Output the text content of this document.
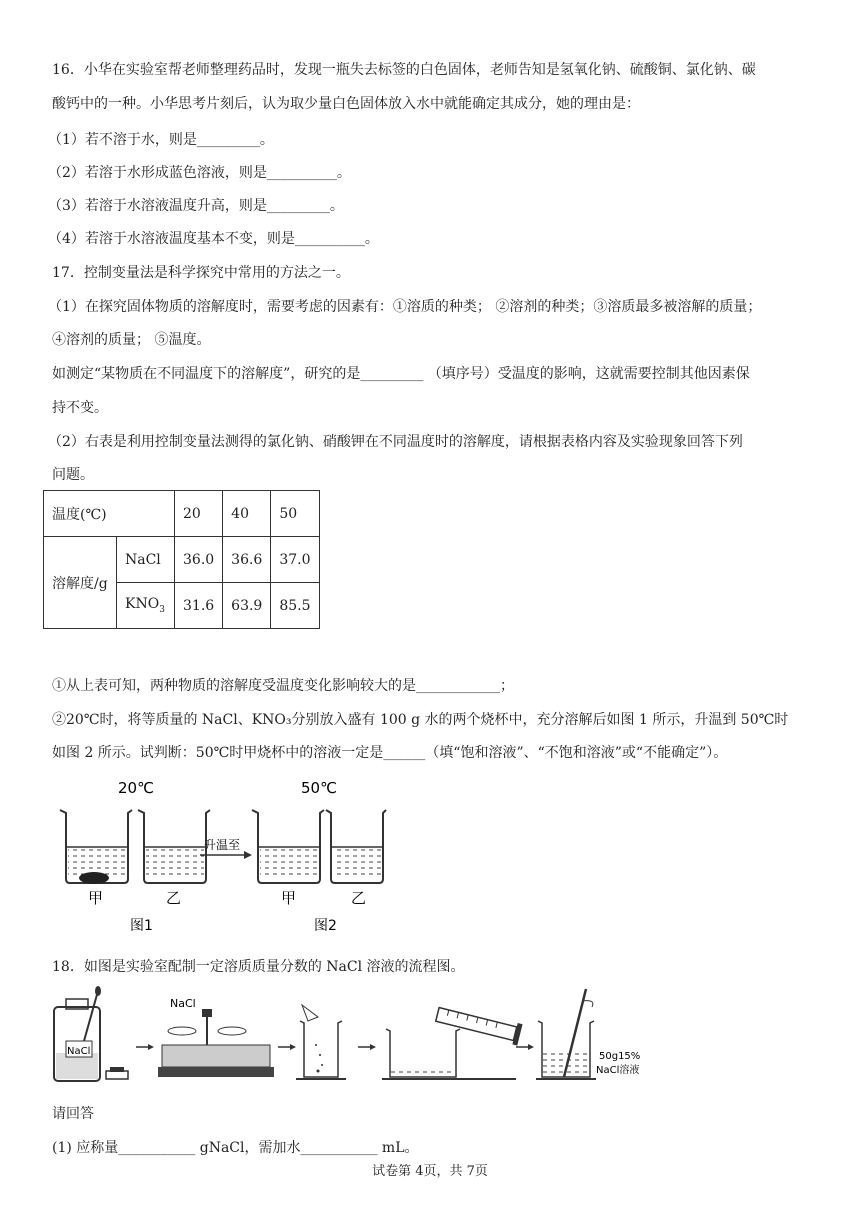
16．小华在实验室帮老师整理药品时，发现一瓶失去标签的白色固体，老师告知是氢氧化钠、硫酸铜、氯化钠、碳
酸钙中的一种。小华思考片刻后，认为取少量白色固体放入水中就能确定其成分，她的理由是：
（1）若不溶于水，则是_________。
（2）若溶于水形成蓝色溶液，则是__________。
（3）若溶于水溶液温度升高，则是_________。
（4）若溶于水溶液温度基本不变，则是__________。
17．控制变量法是科学探究中常用的方法之一。
（1）在探究固体物质的溶解度时，需要考虑的因素有：①溶质的种类； ②溶剂的种类；③溶质最多被溶解的质量；
④溶剂的质量； ⑤温度。
如测定“某物质在不同温度下的溶解度”，研究的是_________ （填序号）受温度的影响，这就需要控制其他因素保
持不变。
（2）右表是利用控制变量法测得的氯化钠、硝酸钾在不同温度时的溶解度，请根据表格内容及实验现象回答下列
问题。
温度(℃)		20	40	50
溶解度/g	NaCl	36.0	36.6	37.0
	$KNO_3$	31.6	63.9	85.5
①从上表可知，两种物质的溶解度受温度变化影响较大的是____________；
②20℃时，将等质量的 NaCl、KNO₃分别放入盛有 100 g 水的两个烧杯中，充分溶解后如图 1 所示，升温到 50℃时
如图 2 所示。试判断：50℃时甲烧杯中的溶液一定是______（填“饱和溶液”、“不饱和溶液”或“不能确定”）。
20℃	50℃
升温至
甲	乙	甲	乙
图1	图2
18．如图是实验室配制一定溶质质量分数的 NaCl 溶液的流程图。
NaCl
NaCl
50g15%
NaCl溶液
请回答
(1) 应称量___________ gNaCl，需加水___________ mL。
试卷第 4页，共 7页
